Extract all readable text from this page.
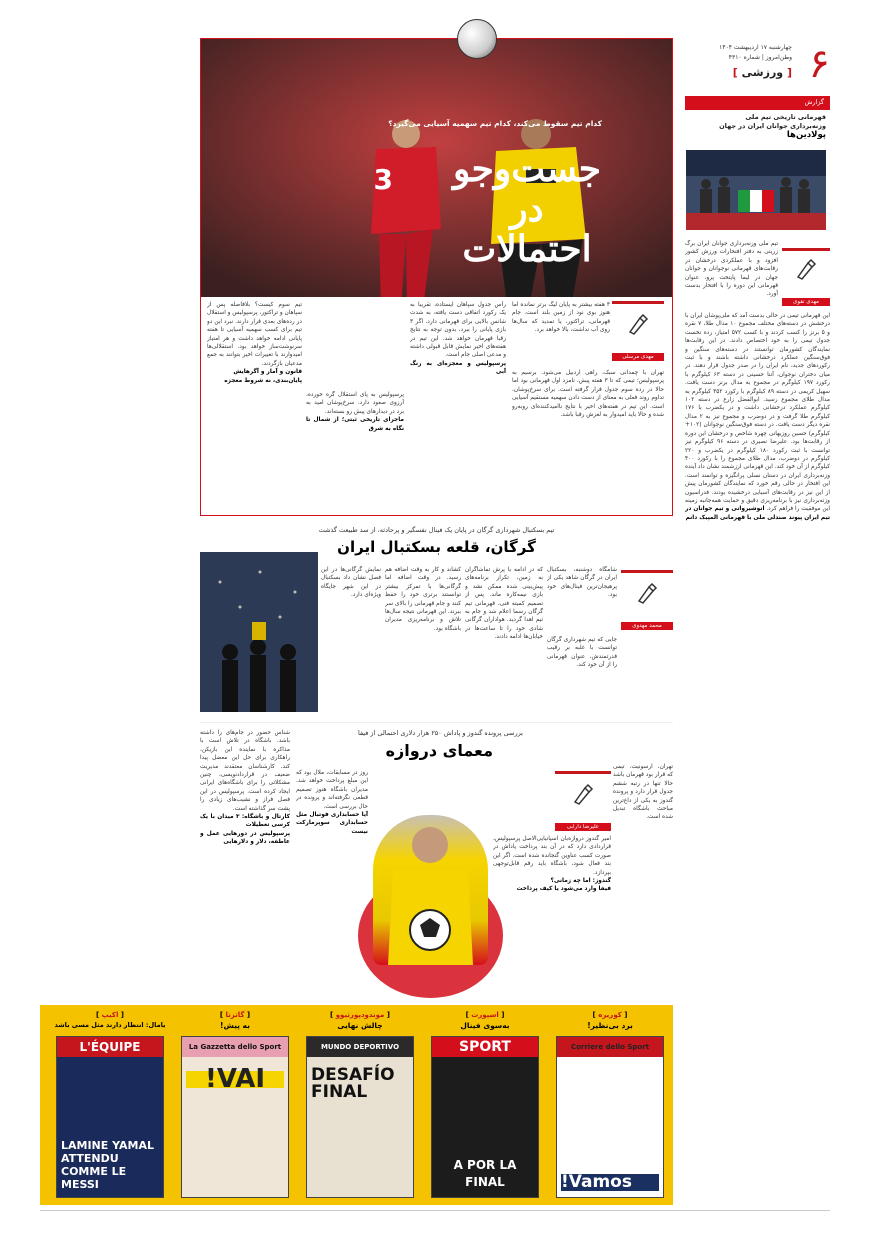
۶
چهارشنبه ۱۷ اردیبهشت ۱۴۰۴
وطن‌امروز | شماره ۴۳۱۰
[ ورزشی ]
گزارش
قهرمانی تاریخی تیم ملی
وزنه‌برداری جوانان ایران در جهان
پولادین‌ها
مهدی تقوی
تیم ملی وزنه‌برداری جوانان ایران برگ زرینی به دفتر افتخارات ورزش کشور افزود و با عملکردی درخشان در رقابت‌های قهرمانی نوجوانان و جوانان جهان در لیما پایتخت پرو، عنوان قهرمانی این دوره را با افتخار بدست آورد.
این قهرمانی تیمی در حالی بدست آمد که ملی‌پوشان ایران با درخشش در دسته‌های مختلف مجموع ۱۰ مدال طلا، ۷ نقره و ۵ برنز را کسب کردند و با کسب ۵۷۲ امتیاز، رده نخست جدول تیمی را به خود اختصاص دادند. در این رقابت‌ها نمایندگان کشورمان توانستند در دسته‌های سنگین و فوق‌سنگین عملکرد درخشانی داشته باشند و با ثبت رکوردهای جدید، نام ایران را در صدر جدول قرار دهند. در میان دختران نوجوان، آتنا حسینی در دسته ۶۳ کیلوگرم با رکورد ۱۹۷ کیلوگرم در مجموع به مدال برنز دست یافت. سهیل کریمی در دسته ۸۹ کیلوگرم با رکورد ۳۵۲ کیلوگرم به مدال طلای مجموع رسید. ابوالفضل زارع در دسته ۱۰۲ کیلوگرم عملکرد درخشانی داشت و در یکضرب با ۱۷۶ کیلوگرم طلا گرفت و در دوضرب و مجموع نیز به ۲ مدال نقره دیگر دست یافت. در دسته فوق‌سنگین نوجوانان (۱۰۲+ کیلوگرم) حسین روزبهانی چهره شاخص و درخشان این دوره از رقابت‌ها بود. علیرضا نصیری در دسته ۹۶ کیلوگرم نیز توانست با ثبت رکورد ۱۸۰ کیلوگرم در یکضرب و ۲۲۰ کیلوگرم در دوضرب، مدال طلای مجموع را با رکورد ۴۰۰ کیلوگرم از آن خود کند. این قهرمانی ارزشمند نشان داد آینده وزنه‌برداری ایران در دستان نسلی پرانگیزه و توانمند است. این افتخار در حالی رقم خورد که نمایندگان کشورمان پیش از این نیز در رقابت‌های آسیایی درخشیده بودند. فدراسیون وزنه‌برداری نیز با برنامه‌ریزی دقیق و حمایت همه‌جانبه زمینه این موفقیت را فراهم کرد. انوشیروانی و تیم جوانان در تیم ایران پیوند صندلی ملی با قهرمانی المپیک دانم
3
کدام تیم سقوط می‌کند، کدام تیم سهمیه آسیایی می‌گیرد؟
جست‌وجو در احتمالات
مهدی مرسلی
۳ هفته بیشتر به پایان لیگ برتر نمانده اما هنوز بوی نود از زمین بلند است. جام قهرمانی، تراکتور، یا تمدید که سال‌ها روی آب نداشت، بالا خواهد برد.
تهران با چمدانی سبک، راهی اردبیل می‌شود. برسیم به پرسپولیس؛ تیمی که تا ۳ هفته پیش، نامزد اول قهرمانی بود اما حالا در رده سوم جدول قرار گرفته است. برای سرخ‌پوشان، تداوم روند فعلی به معنای از دست دادن سهمیه مستقیم آسیایی است. این تیم در هفته‌های اخیر با نتایج ناامیدکننده‌ای روبه‌رو شده و حالا باید امیدوار به لغزش رقبا باشد.
رأس جدول سپاهان ایستاده، تقریبا به یک رکورد اتفاقی دست یافته، به شدت شانس بالایی برای قهرمانی دارد. اگر ۳ بازی پایانی را ببرد، بدون توجه به نتایج رقبا قهرمان خواهد شد. این تیم در هفته‌های اخیر نمایش قابل قبولی داشته و مدعی اصلی جام است.
پرسپولیس و معجزه‌ای به رنگ آبی
تیم سوم کیست؟ بلافاصله پس از سپاهان و تراکتور، پرسپولیس و استقلال در رده‌های بعدی قرار دارند. نبرد این دو تیم برای کسب سهمیه آسیایی تا هفته پایانی ادامه خواهد داشت و هر امتیاز سرنوشت‌ساز خواهد بود. استقلالی‌ها امیدوارند با تغییرات اخیر بتوانند به جمع مدعیان بازگردند.
قانون و آمار و آگرهایش
پایان‌بندی، نه شروط معجزه
پرسپولیس به پای استقلال گره خورده، آرزوی صعود دارد. سرخ‌پوشان امید به برد در دیدارهای پیش رو بسته‌اند.
ماجرای تاریخی ثبتی؛ از شمال تا نگاه به شرق
تیم بسکتبال شهرداری گرگان در پایان یک فینال نفسگیر و پرحادثه، از سد طبیعت گذشت
گرگان، قلعه بسکتبال ایران
محمد مهدوی
شامگاه دوشنبه، بسکتبال ایران در گرگان شاهد یکی از پرهیجان‌ترین فینال‌های خود بود.
جایی که تیم شهرداری گرگان توانست با غلبه بر رقیب قدرتمندش، عنوان قهرمانی را از آن خود کند.
که در ادامه با پرش تماشاگران به زمین، تکرار برنامه‌های پیش‌بینی شده ممکن نشد و بازی نیمه‌کاره ماند. پس از تصمیم کمیته فنی، قهرمانی تیم گرگان رسما اعلام شد و جام به تیم اهدا گردید. هواداران گرگانی شادی خود را تا ساعت‌ها در خیابان‌ها ادامه دادند.
کشاند و کار به وقت اضافه هم رسید. در وقت اضافه اما گرگانی‌ها با تمرکز بیشتر توانستند برتری خود را حفظ کنند و جام قهرمانی را بالای سر ببرند. این قهرمانی نتیجه سال‌ها تلاش و برنامه‌ریزی مدیران باشگاه بود.
نمایش گرگانی‌ها در این فصل نشان داد بسکتبال در این شهر جایگاه ویژه‌ای دارد.
بررسی پرونده گندوز و پاداش ۲۵۰ هزار دلاری احتمالی از فیفا
معمای دروازه
تهران، ارسونیت. تیمی که قرار بود قهرمان باشد حالا تنها در رتبه ششم جدول قرار دارد و پرونده گندوز به یکی از داغ‌ترین مباحث باشگاه تبدیل شده است.
علیرضا دارابی
امیر گندوز دروازه‌بان اسپانیایی‌الاصل پرسپولیس، قراردادی دارد که در آن بند پرداخت پاداش در صورت کسب عناوین گنجانده شده است. اگر این بند فعال شود، باشگاه باید رقم قابل‌توجهی بپردازد.
گندوز: اما چه زمانی؟
فیفا وارد می‌شود یا کیف پرداخت
روز در مسابقات، ملال بود که این مبلغ پرداخت خواهد شد. مدیران باشگاه هنوز تصمیم قطعی نگرفته‌اند و پرونده در حال بررسی است.
آیا حسابداری فوتبال مثل حسابداری سوپرمارکت نیست
شناس حضور در جام‌های را داشته باشد. باشگاه در تلاش است با مذاکره با نماینده این بازیکن، راهکاری برای حل این معضل پیدا کند. کارشناسان معتقدند مدیریت ضعیف در قراردادنویسی، چنین مشکلاتی را برای باشگاه‌های ایرانی ایجاد کرده است. پرسپولیس در این فصل فراز و نشیب‌های زیادی را پشت سر گذاشته است.
کارتال و باشگاه: ۳ میدان با یک کرسی تعطیلات
پرسپولیس در دورهایی عمل و عاطفه، دلار و دلارهایی
[ کوریره ]
برد بی‌نظیر!
Corriere dello Sport
Vamos!
[ اسپورت ]
به‌سوی فینال
SPORT
A POR LA FINAL
[ موندودپورتیوو ]
چالش نهایی
MUNDO DEPORTIVO
DESAFÍO FINAL
[ گاتزتا ]
به پیش!
La Gazzetta dello Sport
VAI!
[ اکیپ ]
یامال: انتظار دارند مثل مسی باشد
L'ÉQUIPE
LAMINE YAMAL ATTENDU COMME LE MESSI
